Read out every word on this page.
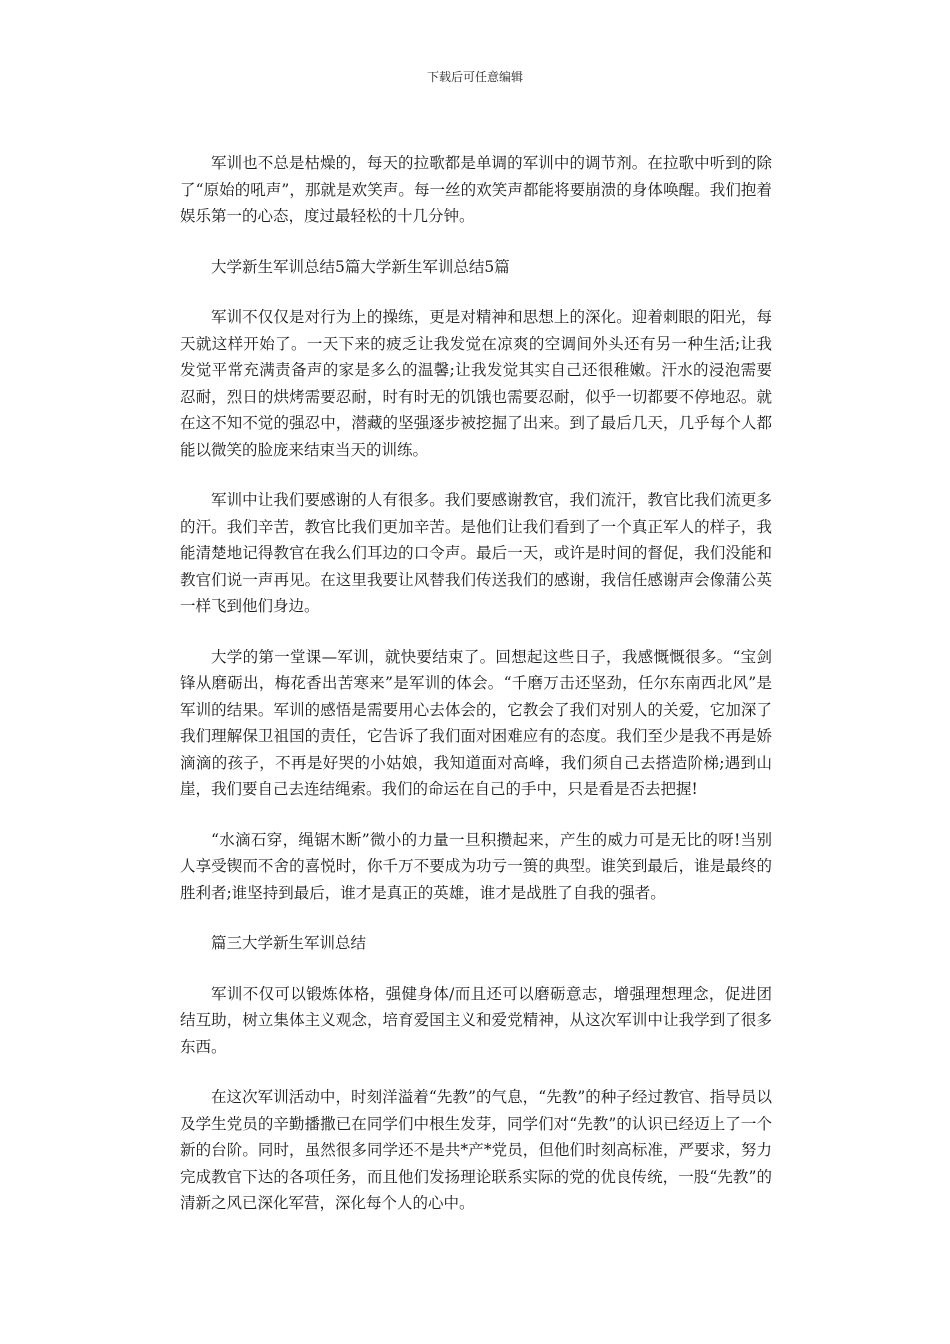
下载后可任意编辑

军训也不总是枯燥的，每天的拉歌都是单调的军训中的调节剂。在拉歌中听到的除了“原始的吼声”，那就是欢笑声。每一丝的欢笑声都能将要崩溃的身体唤醒。我们抱着娱乐第一的心态，度过最轻松的十几分钟。

大学新生军训总结5篇大学新生军训总结5篇

军训不仅仅是对行为上的操练，更是对精神和思想上的深化。迎着刺眼的阳光，每天就这样开始了。一天下来的疲乏让我发觉在凉爽的空调间外头还有另一种生活;让我发觉平常充满责备声的家是多么的温馨;让我发觉其实自己还很稚嫩。汗水的浸泡需要忍耐，烈日的烘烤需要忍耐，时有时无的饥饿也需要忍耐，似乎一切都要不停地忍。就在这不知不觉的强忍中，潜藏的坚强逐步被挖掘了出来。到了最后几天，几乎每个人都能以微笑的脸庞来结束当天的训练。

军训中让我们要感谢的人有很多。我们要感谢教官，我们流汗，教官比我们流更多的汗。我们辛苦，教官比我们更加辛苦。是他们让我们看到了一个真正军人的样子，我能清楚地记得教官在我么们耳边的口令声。最后一天，或许是时间的督促，我们没能和教官们说一声再见。在这里我要让风替我们传送我们的感谢，我信任感谢声会像蒲公英一样飞到他们身边。

大学的第一堂课—军训，就快要结束了。回想起这些日子，我感慨慨很多。“宝剑锋从磨砺出，梅花香出苦寒来”是军训的体会。“千磨万击还坚劲，任尔东南西北风”是军训的结果。军训的感悟是需要用心去体会的，它教会了我们对别人的关爱，它加深了我们理解保卫祖国的责任，它告诉了我们面对困难应有的态度。我们至少是我不再是娇滴滴的孩子，不再是好哭的小姑娘，我知道面对高峰，我们须自己去搭造阶梯;遇到山崖，我们要自己去连结绳索。我们的命运在自己的手中，只是看是否去把握!

“水滴石穿，绳锯木断”微小的力量一旦积攒起来，产生的威力可是无比的呀!当别人享受锲而不舍的喜悦时，你千万不要成为功亏一篑的典型。谁笑到最后，谁是最终的胜利者;谁坚持到最后，谁才是真正的英雄，谁才是战胜了自我的强者。

篇三大学新生军训总结

军训不仅可以锻炼体格，强健身体/而且还可以磨砺意志，增强理想理念，促进团结互助，树立集体主义观念，培育爱国主义和爱党精神，从这次军训中让我学到了很多东西。

在这次军训活动中，时刻洋溢着“先教”的气息，“先教”的种子经过教官、指导员以及学生党员的辛勤播撒已在同学们中根生发芽，同学们对“先教”的认识已经迈上了一个新的台阶。同时，虽然很多同学还不是共*产*党员，但他们时刻高标准，严要求，努力完成教官下达的各项任务，而且他们发扬理论联系实际的党的优良传统，一股“先教”的清新之风已深化军营，深化每个人的心中。
